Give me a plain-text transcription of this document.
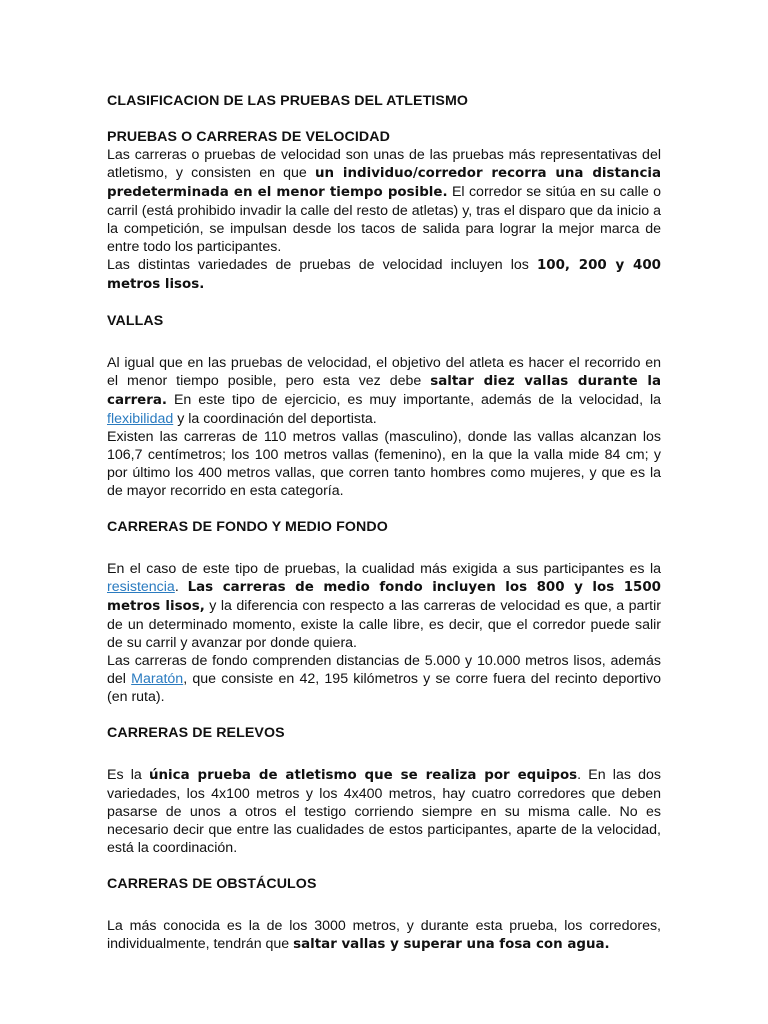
CLASIFICACION DE LAS PRUEBAS DEL ATLETISMO

PRUEBAS O CARRERAS DE VELOCIDAD

Las carreras o pruebas de velocidad son unas de las pruebas más representativas del atletismo, y consisten en que un individuo/corredor recorra una distancia predeterminada en el menor tiempo posible. El corredor se sitúa en su calle o carril (está prohibido invadir la calle del resto de atletas) y, tras el disparo que da inicio a la competición, se impulsan desde los tacos de salida para lograr la mejor marca de entre todo los participantes.

Las distintas variedades de pruebas de velocidad incluyen los 100, 200 y 400 metros lisos.

VALLAS

Al igual que en las pruebas de velocidad, el objetivo del atleta es hacer el recorrido en el menor tiempo posible, pero esta vez debe saltar diez vallas durante la carrera. En este tipo de ejercicio, es muy importante, además de la velocidad, la flexibilidad y la coordinación del deportista.

Existen las carreras de 110 metros vallas (masculino), donde las vallas alcanzan los 106,7 centímetros; los 100 metros vallas (femenino), en la que la valla mide 84 cm; y por último los 400 metros vallas, que corren tanto hombres como mujeres, y que es la de mayor recorrido en esta categoría.

CARRERAS DE FONDO Y MEDIO FONDO

En el caso de este tipo de pruebas, la cualidad más exigida a sus participantes es la resistencia. Las carreras de medio fondo incluyen los 800 y los 1500 metros lisos, y la diferencia con respecto a las carreras de velocidad es que, a partir de un determinado momento, existe la calle libre, es decir, que el corredor puede salir de su carril y avanzar por donde quiera.

Las carreras de fondo comprenden distancias de 5.000 y 10.000 metros lisos, además del Maratón, que consiste en 42, 195 kilómetros y se corre fuera del recinto deportivo (en ruta).

CARRERAS DE RELEVOS

Es la única prueba de atletismo que se realiza por equipos. En las dos variedades, los 4x100 metros y los 4x400 metros, hay cuatro corredores que deben pasarse de unos a otros el testigo corriendo siempre en su misma calle. No es necesario decir que entre las cualidades de estos participantes, aparte de la velocidad, está la coordinación.

CARRERAS DE OBSTÁCULOS

La más conocida es la de los 3000 metros, y durante esta prueba, los corredores, individualmente, tendrán que saltar vallas y superar una fosa con agua.
